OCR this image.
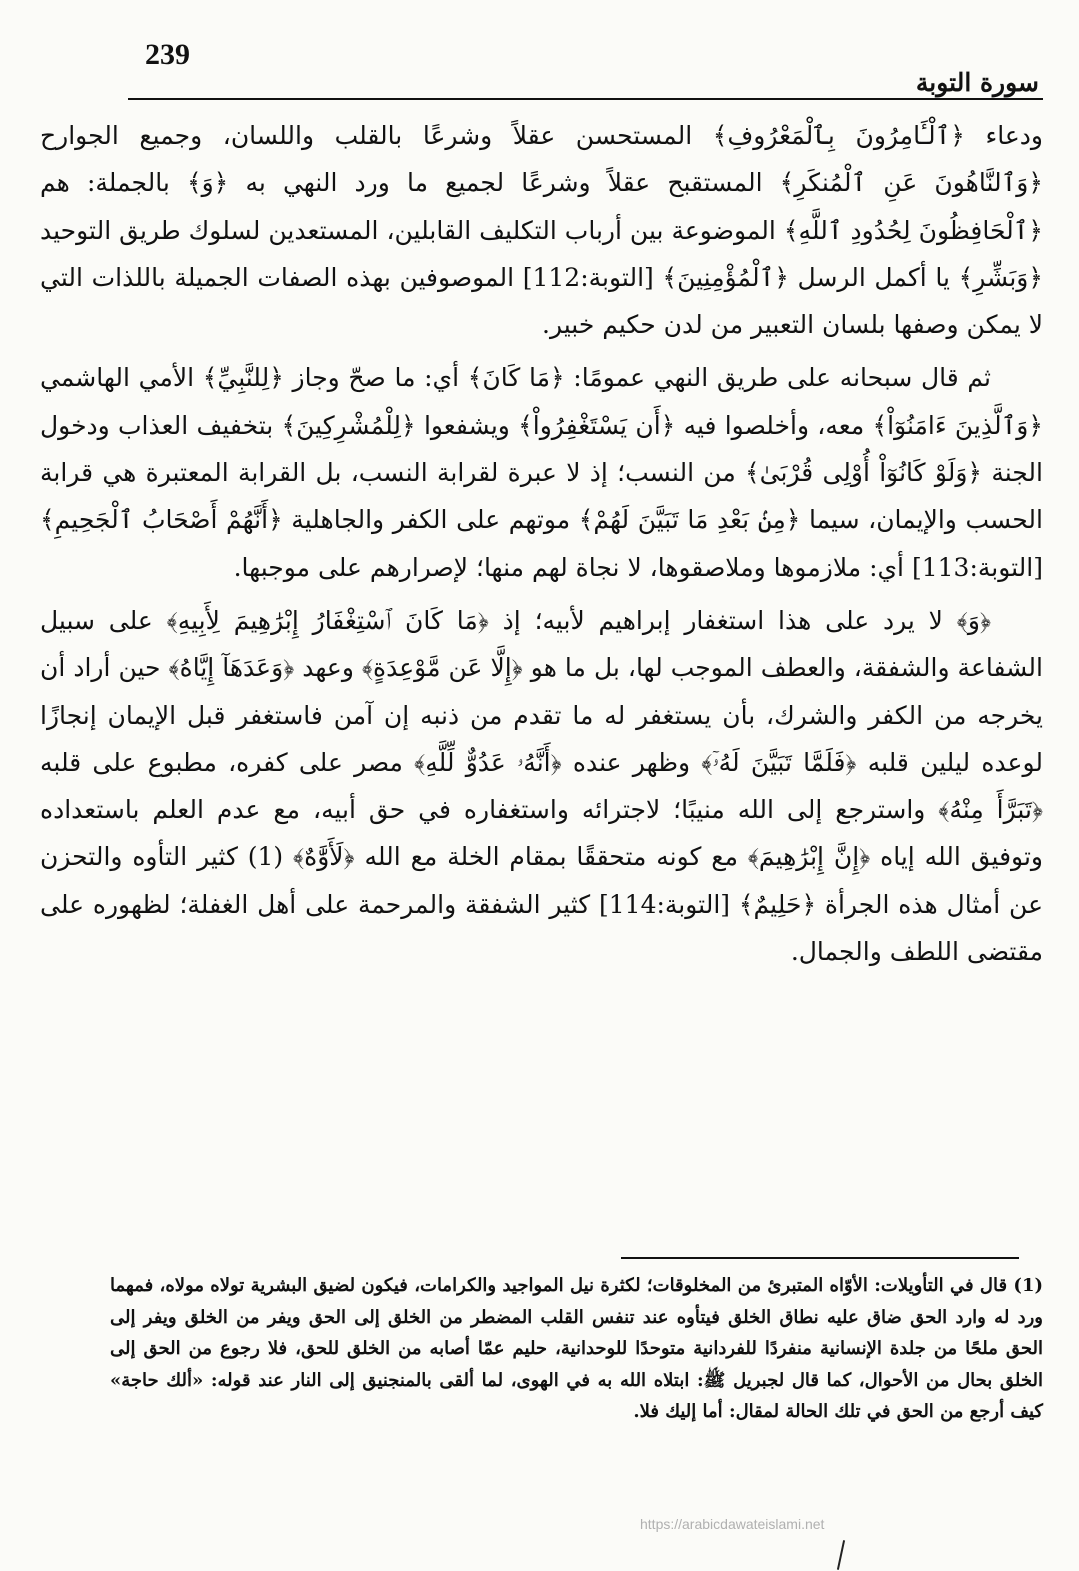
239
سورة التوبة

ودعاء ﴿ٱلْـَٔامِرُونَ بِٱلْمَعْرُوفِ﴾ المستحسن عقلاً وشرعًا بالقلب واللسان، وجميع الجوارح ﴿وَٱلنَّاهُونَ عَنِ ٱلْمُنكَرِ﴾ المستقبح عقلاً وشرعًا لجميع ما ورد النهي به ﴿وَ﴾ بالجملة: هم ﴿ٱلْحَافِظُونَ لِحُدُودِ ٱللَّهِ﴾ الموضوعة بين أرباب التكليف القابلين، المستعدين لسلوك طريق التوحيد ﴿وَبَشِّرِ﴾ يا أكمل الرسل ﴿ٱلْمُؤْمِنِينَ﴾ [التوبة:112] الموصوفين بهذه الصفات الجميلة باللذات التي لا يمكن وصفها بلسان التعبير من لدن حكيم خبير.

ثم قال سبحانه على طريق النهي عمومًا: ﴿مَا كَانَ﴾ أي: ما صحّ وجاز ﴿لِلنَّبِيِّ﴾ الأمي الهاشمي ﴿وَٱلَّذِينَ ءَامَنُوٓاْ﴾ معه، وأخلصوا فيه ﴿أَن يَسْتَغْفِرُواْ﴾ ويشفعوا ﴿لِلْمُشْرِكِينَ﴾ بتخفيف العذاب ودخول الجنة ﴿وَلَوْ كَانُوٓاْ أُوْلِى قُرْبَىٰ﴾ من النسب؛ إذ لا عبرة لقرابة النسب، بل القرابة المعتبرة هي قرابة الحسب والإيمان، سيما ﴿مِنۢ بَعْدِ مَا تَبَيَّنَ لَهُمْ﴾ موتهم على الكفر والجاهلية ﴿أَنَّهُمْ أَصْحَابُ ٱلْجَحِيمِ﴾ [التوبة:113] أي: ملازموها وملاصقوها، لا نجاة لهم منها؛ لإصرارهم على موجبها.

﴿وَ﴾ لا يرد على هذا استغفار إبراهيم لأبيه؛ إذ ﴿مَا كَانَ ٱسْتِغْفَارُ إِبْرَٰهِيمَ لِأَبِيهِ﴾ على سبيل الشفاعة والشفقة، والعطف الموجب لها، بل ما هو ﴿إِلَّا عَن مَّوْعِدَةٍ﴾ وعهد ﴿وَعَدَهَآ إِيَّاهُ﴾ حين أراد أن يخرجه من الكفر والشرك، بأن يستغفر له ما تقدم من ذنبه إن آمن فاستغفر قبل الإيمان إنجازًا لوعده ليلين قلبه ﴿فَلَمَّا تَبَيَّنَ لَهُۥٓ﴾ وظهر عنده ﴿أَنَّهُۥ عَدُوٌّ لِّلَّهِ﴾ مصر على كفره، مطبوع على قلبه ﴿تَبَرَّأَ مِنْهُ﴾ واسترجع إلى الله منيبًا؛ لاجترائه واستغفاره في حق أبيه، مع عدم العلم باستعداده وتوفيق الله إياه ﴿إِنَّ إِبْرَٰهِيمَ﴾ مع كونه متحققًا بمقام الخلة مع الله ﴿لَأَوَّٰهٌ﴾ (1) كثير التأوه والتحزن عن أمثال هذه الجرأة ﴿حَلِيمٌ﴾ [التوبة:114] كثير الشفقة والمرحمة على أهل الغفلة؛ لظهوره على مقتضى اللطف والجمال.

(1) قال في التأويلات: الأوّاه المتبرئ من المخلوقات؛ لكثرة نيل المواجيد والكرامات، فيكون لضيق البشرية تولاه مولاه، فمهما ورد له وارد الحق ضاق عليه نطاق الخلق فيتأوه عند تنفس القلب المضطر من الخلق إلى الحق ويفر من الخلق ويفر إلى الحق ملحًا من جلدة الإنسانية منفردًا للفردانية متوحدًا للوحدانية، حليم عمّا أصابه من الخلق للحق، فلا رجوع من الحق إلى الخلق بحال من الأحوال، كما قال لجبريل ﷺ: ابتلاه الله به في الهوى، لما ألقى بالمنجنيق إلى النار عند قوله: «ألك حاجة» كيف أرجع من الحق في تلك الحالة لمقال: أما إليك فلا.

https://arabicdawateislami.net
